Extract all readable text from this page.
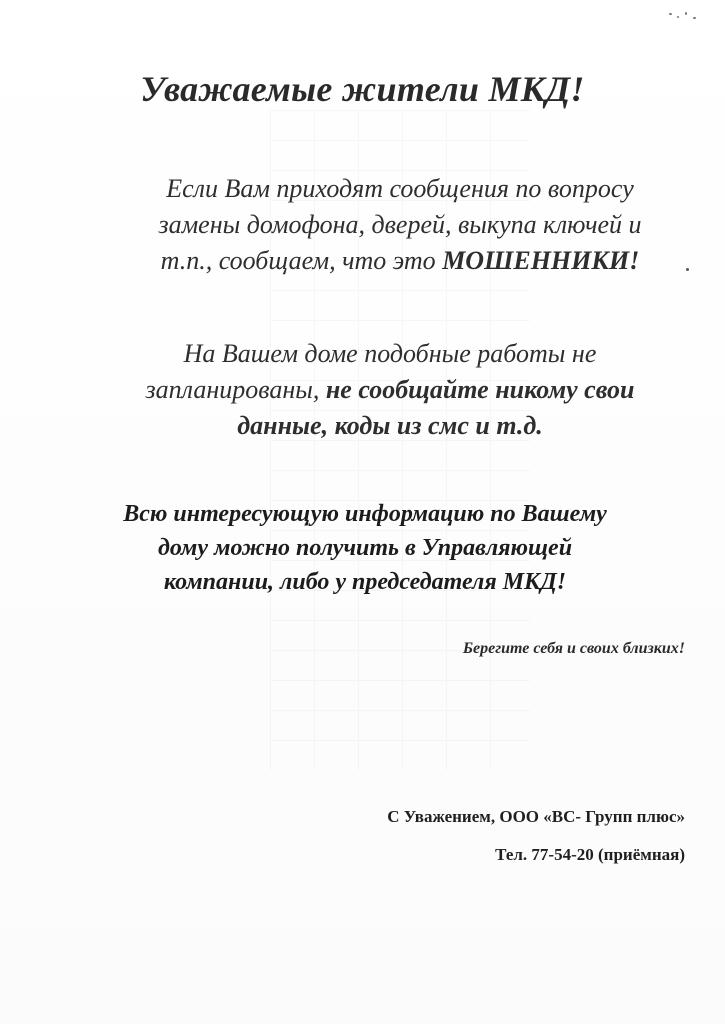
Уважаемые жители МКД!
Если Вам приходят сообщения по вопросу
замены домофона, дверей, выкупа ключей и
т.п., сообщаем, что это МОШЕННИКИ!
На Вашем доме подобные работы не
запланированы, не сообщайте никому свои
данные, коды из смс и т.д.
Всю интересующую информацию по Вашему
дому можно получить в Управляющей
компании, либо у председателя МКД!
Берегите себя и своих близких!
С Уважением, ООО «ВС- Групп плюс»
Тел. 77-54-20 (приёмная)
